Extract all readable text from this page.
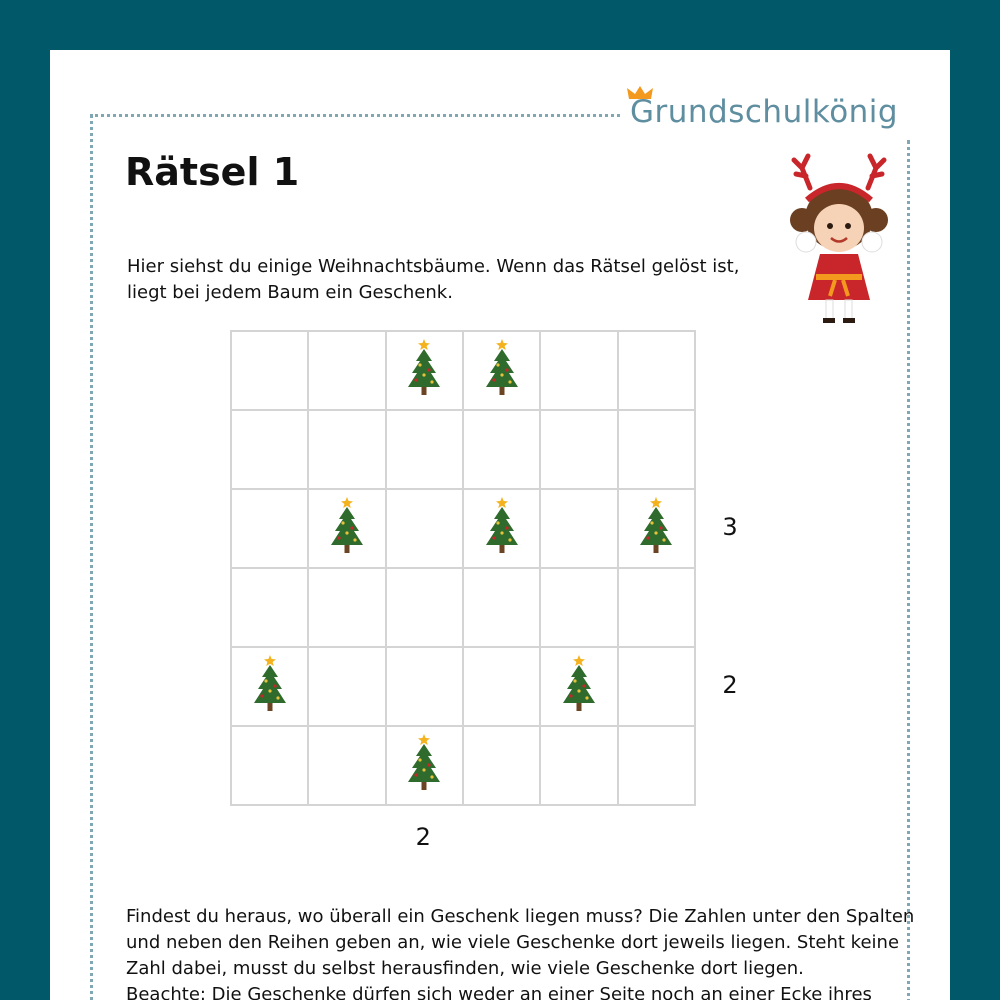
Grundschulkönig
Rätsel 1
Hier siehst du einige Weihnachtsbäume. Wenn das Rätsel gelöst ist, liegt bei jedem Baum ein Geschenk.
3
2
2

Findest du heraus, wo überall ein Geschenk liegen muss? Die Zahlen unter den Spalten und neben den Reihen geben an, wie viele Geschenke dort jeweils liegen. Steht keine Zahl dabei, musst du selbst herausfinden, wie viele Geschenke dort liegen.

Beachte: Die Geschenke dürfen sich weder an einer Seite noch an einer Ecke ihres
